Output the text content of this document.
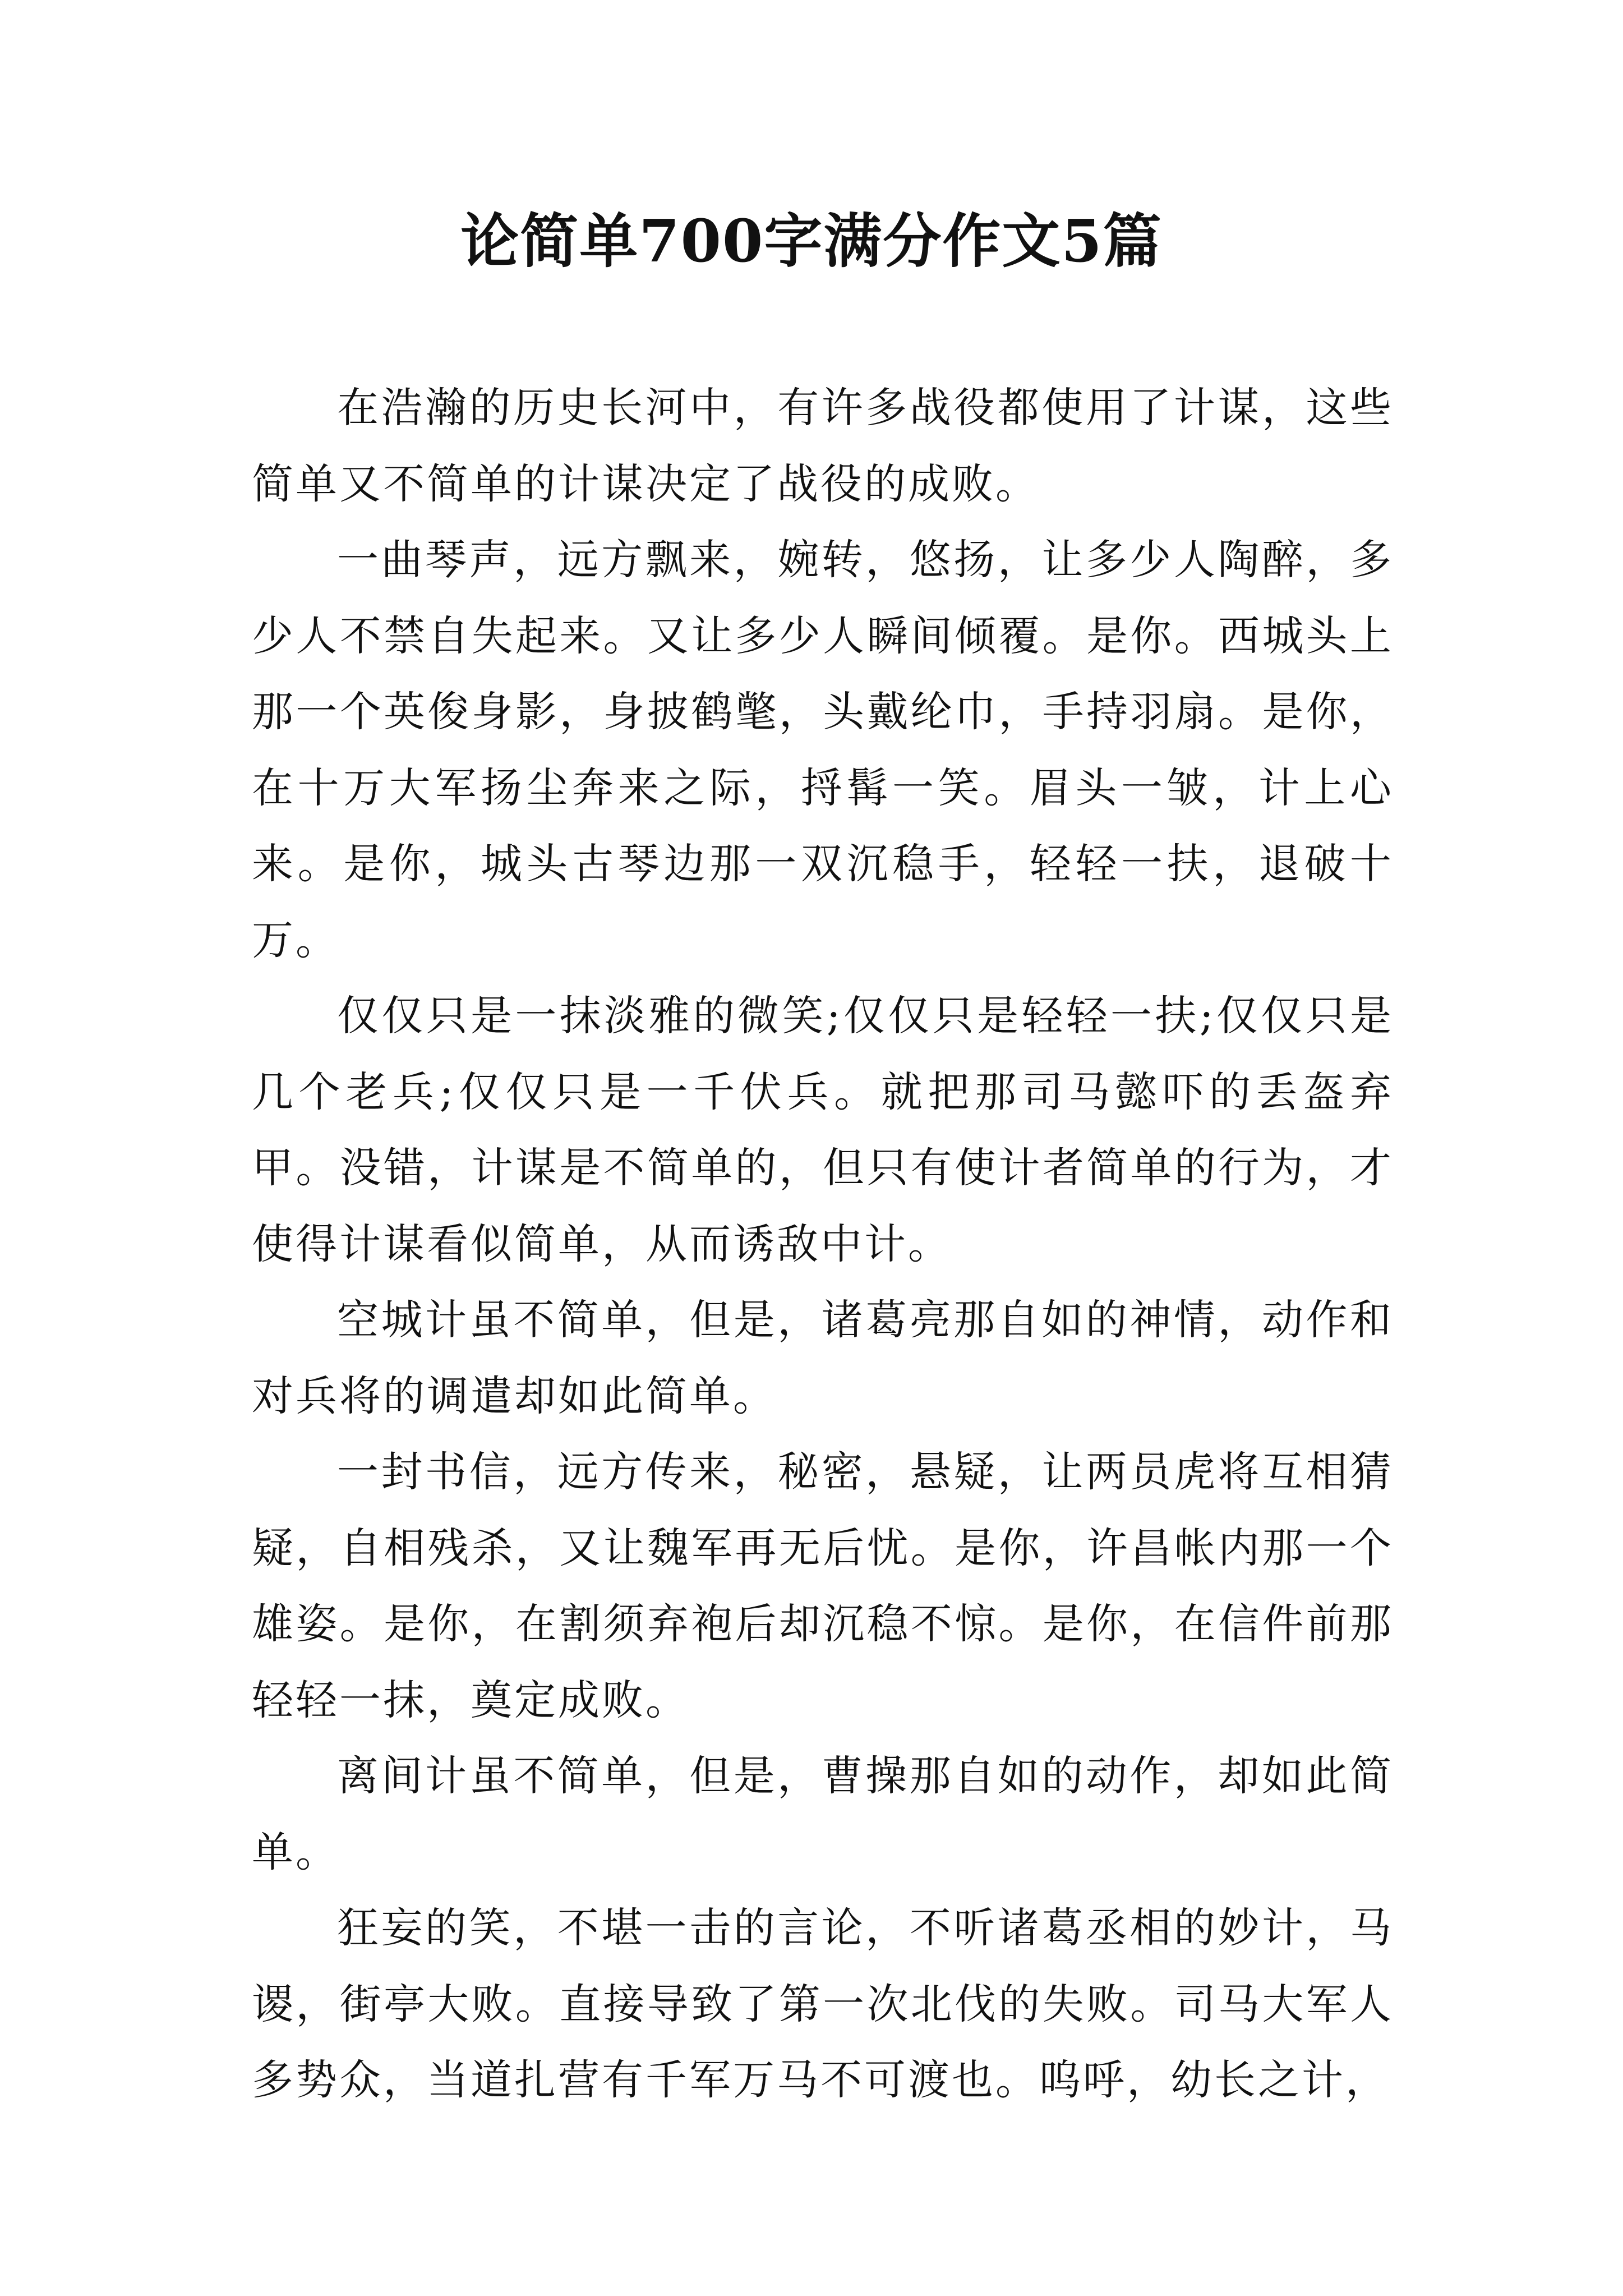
论简单700字满分作文5篇

在浩瀚的历史长河中，有许多战役都使用了计谋，这些简单又不简单的计谋决定了战役的成败。

一曲琴声，远方飘来，婉转，悠扬，让多少人陶醉，多少人不禁自失起来。又让多少人瞬间倾覆。是你。西城头上那一个英俊身影，身披鹤氅，头戴纶巾，手持羽扇。是你，在十万大军扬尘奔来之际，捋髯一笑。眉头一皱，计上心来。是你，城头古琴边那一双沉稳手，轻轻一扶，退破十万。

仅仅只是一抹淡雅的微笑;仅仅只是轻轻一扶;仅仅只是几个老兵;仅仅只是一千伏兵。就把那司马懿吓的丢盔弃甲。没错，计谋是不简单的，但只有使计者简单的行为，才使得计谋看似简单，从而诱敌中计。

空城计虽不简单，但是，诸葛亮那自如的神情，动作和对兵将的调遣却如此简单。

一封书信，远方传来，秘密，悬疑，让两员虎将互相猜疑，自相残杀，又让魏军再无后忧。是你，许昌帐内那一个雄姿。是你，在割须弃袍后却沉稳不惊。是你，在信件前那轻轻一抹，奠定成败。

离间计虽不简单，但是，曹操那自如的动作，却如此简单。

狂妄的笑，不堪一击的言论，不听诸葛丞相的妙计，马谡，街亭大败。直接导致了第一次北伐的失败。司马大军人多势众，当道扎营有千军万马不可渡也。呜呼，幼长之计，
